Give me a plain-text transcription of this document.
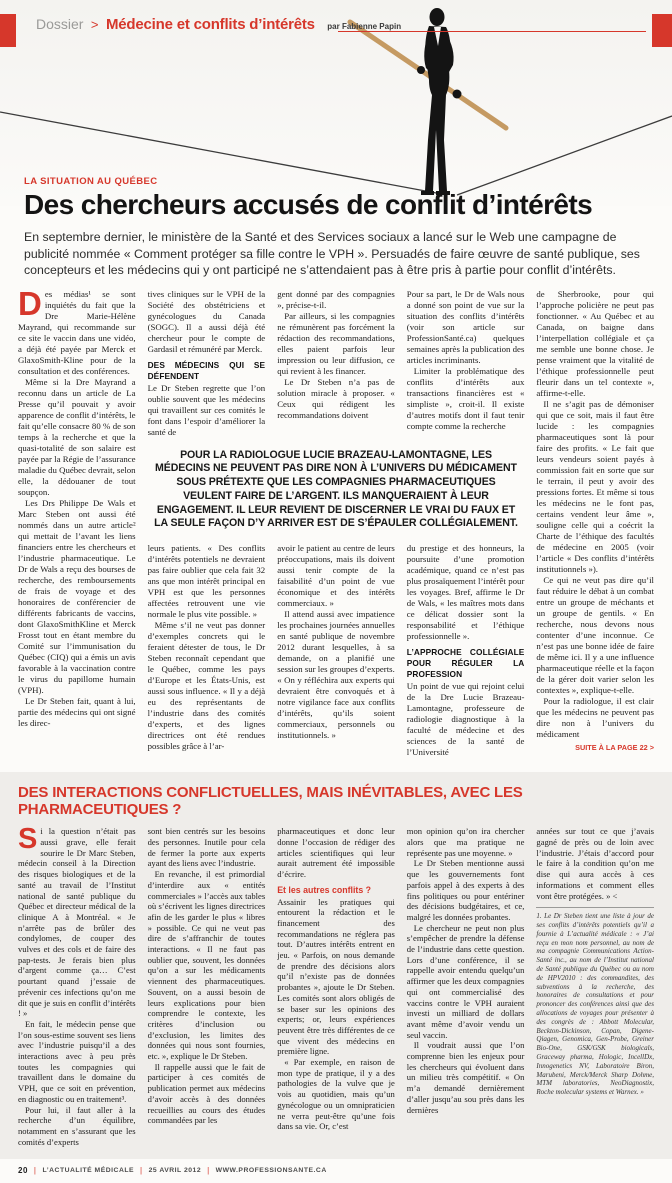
Dossier > Médecine et conflits d’intérêts par Fabienne Papin
LA SITUATION AU QUÉBEC
Des chercheurs accusés de conflit d’intérêts

En septembre dernier, le ministère de la Santé et des Services sociaux a lancé sur le Web une campagne de publicité nommée « Comment protéger sa fille contre le VPH ». Persuadés de faire œuvre de santé publique, ses concepteurs et les médecins qui y ont participé ne s’attendaient pas à être pris à partie pour conflit d’intérêts.

Des médias¹ se sont inquiétés du fait que la Dre Marie-Hélène Mayrand, qui recommande sur ce site le vaccin dans une vidéo, a déjà été payée par Merck et GlaxoSmith-Kline pour de la consultation et des conférences.

Même si la Dre Mayrand a reconnu dans un article de La Presse qu’il pouvait y avoir apparence de conflit d’intérêts, le fait qu’elle consacre 80 % de son temps à la recherche et que la quasi-totalité de son salaire est payée par la Régie de l’assurance maladie du Québec devrait, selon elle, la dédouaner de tout soupçon.

Les Drs Philippe De Wals et Marc Steben ont aussi été nommés dans un autre article² qui mettait de l’avant les liens financiers entre les chercheurs et l’industrie pharmaceutique. Le Dr de Wals a reçu des bourses de recherche, des remboursements de frais de voyage et des honoraires de conférencier de différents fabricants de vaccins, dont GlaxoSmithKline et Merck Frosst tout en étant membre du Comité sur l’immunisation du Québec (CIQ) qui a émis un avis favorable à la vaccination contre le virus du papillome humain (VPH).

Le Dr Steben fait, quant à lui, partie des médecins qui ont signé les direc-

tives cliniques sur le VPH de la Société des obstétriciens et gynécologues du Canada (SOGC). Il a aussi déjà été chercheur pour le compte de Gardasil et rémunéré par Merck.

DES MÉDECINS QUI SE DÉFENDENT

Le Dr Steben regrette que l’on oublie souvent que les médecins qui travaillent sur ces comités le font dans l’espoir d’améliorer la santé de

gent donné par des compagnies », précise-t-il.

Par ailleurs, si les compagnies ne rémunèrent pas forcément la rédaction des recommandations, elles paient parfois leur impression ou leur diffusion, ce qui revient à les financer.

Le Dr Steben n’a pas de solution miracle à proposer. « Ceux qui rédigent les recommandations doivent

Pour sa part, le Dr de Wals nous a donné son point de vue sur la situation des conflits d’intérêts (voir son article sur ProfessionSanté.ca) quelques semaines après la publication des articles incriminants.

Limiter la problématique des conflits d’intérêts aux transactions financières est « simpliste », croit-il. Il existe d’autres motifs dont il faut tenir compte comme la recherche

POUR LA RADIOLOGUE LUCIE BRAZEAU-LAMONTAGNE, LES MÉDECINS NE PEUVENT PAS DIRE NON À L’UNIVERS DU MÉDICAMENT SOUS PRÉTEXTE QUE LES COMPAGNIES PHARMACEUTIQUES VEULENT FAIRE DE L’ARGENT. ILS MANQUERAIENT À LEUR ENGAGEMENT. IL LEUR REVIENT DE DISCERNER LE VRAI DU FAUX ET LA SEULE FAÇON D’Y ARRIVER EST DE S’ÉPAULER COLLÉGIALEMENT.

leurs patients. « Des conflits d’intérêts potentiels ne devraient pas faire oublier que cela fait 32 ans que mon intérêt principal en VPH est que les personnes affectées retrouvent une vie normale le plus vite possible. »

Même s’il ne veut pas donner d’exemples concrets qui le feraient détester de tous, le Dr Steben reconnaît cependant que le Québec, comme les pays d’Europe et les États-Unis, est aussi sous influence. « Il y a déjà eu des représentants de l’industrie dans des comités d’experts, et des lignes directrices ont été rendues possibles grâce à l’ar-

avoir le patient au centre de leurs préoccupations, mais ils doivent aussi tenir compte de la faisabilité d’un point de vue économique et des intérêts commerciaux. »

Il attend aussi avec impatience les prochaines journées annuelles en santé publique de novembre 2012 durant lesquelles, à sa demande, on a planifié une session sur les groupes d’experts. « On y réfléchira aux experts qui devraient être convoqués et à notre vigilance face aux conflits d’intérêts, qu’ils soient commerciaux, personnels ou institutionnels. »

du prestige et des honneurs, la poursuite d’une promotion académique, quand ce n’est pas plus prosaïquement l’intérêt pour les voyages. Bref, affirme le Dr de Wals, « les maîtres mots dans ce délicat dossier sont la responsabilité et l’éthique professionnelle ».

L’APPROCHE COLLÉGIALE POUR RÉGULER LA PROFESSION

Un point de vue qui rejoint celui de la Dre Lucie Brazeau-Lamontagne, professeure de radiologie diagnostique à la faculté de médecine et des sciences de la santé de l’Université

de Sherbrooke, pour qui l’approche policière ne peut pas fonctionner. « Au Québec et au Canada, on baigne dans l’interpellation collégiale et ça me semble une bonne chose. Je pense vraiment que la vitalité de l’éthique professionnelle peut fleurir dans un tel contexte », affirme-t-elle.

Il ne s’agit pas de démoniser qui que ce soit, mais il faut être lucide : les compagnies pharmaceutiques sont là pour faire des profits. « Le fait que leurs vendeurs soient payés à commission fait en sorte que sur le terrain, il peut y avoir des pressions fortes. Et même si tous les médecins ne le font pas, certains vendent leur âme », souligne celle qui a coécrit la Charte de l’éthique des facultés de médecine en 2005 (voir l’article « Des conflits d’intérêts institutionnels »).

Ce qui ne veut pas dire qu’il faut réduire le débat à un combat entre un groupe de méchants et un groupe de gentils. « En recherche, nous devons nous contenter d’une inconnue. Ce n’est pas une bonne idée de faire de même ici. Il y a une influence pharmaceutique réelle et la façon de la gérer doit varier selon les contextes », explique-t-elle.

Pour la radiologue, il est clair que les médecins ne peuvent pas dire non à l’univers du médicament

SUITE À LA PAGE 22 >

DES INTERACTIONS CONFLICTUELLES, MAIS INÉVITABLES, AVEC LES PHARMACEUTIQUES ?

Si la question n’était pas aussi grave, elle ferait sourire le Dr Marc Steben, médecin conseil à la Direction des risques biologiques et de la santé au travail de l’Institut national de santé publique du Québec et directeur médical de la clinique A à Montréal. « Je n’arrête pas de brûler des condylomes, de couper des vulves et des cols et de faire des pap-tests. Je ferais bien plus d’argent comme ça… C’est pourtant quand j’essaie de prévenir ces infections qu’on me dit que je suis en conflit d’intérêts ! »

En fait, le médecin pense que l’on sous-estime souvent ses liens avec l’industrie puisqu’il a des interactions avec à peu près toutes les compagnies qui travaillent dans le domaine du VPH, que ce soit en prévention, en diagnostic ou en traitement³.

Pour lui, il faut aller à la recherche d’un équilibre, notamment en s’assurant que les comités d’experts

sont bien centrés sur les besoins des personnes. Inutile pour cela de fermer la porte aux experts ayant des liens avec l’industrie.

En revanche, il est primordial d’interdire aux « entités commerciales » l’accès aux tables où s’écrivent les lignes directrices afin de les garder le plus « libres » possible. Ce qui ne veut pas dire de s’affranchir de toutes interactions. « Il ne faut pas oublier que, souvent, les données qu’on a sur les médicaments viennent des pharmaceutiques. Souvent, on a aussi besoin de leurs explications pour bien comprendre le contexte, les critères d’inclusion ou d’exclusion, les limites des données qui nous sont fournies, etc. », explique le Dr Steben.

Il rappelle aussi que le fait de participer à ces comités de publication permet aux médecins d’avoir accès à des données recueillies au cours des études commandées par les

pharmaceutiques et donc leur donne l’occasion de rédiger des articles scientifiques qui leur aurait autrement été impossible d’écrire.

Et les autres conflits ?

Assainir les pratiques qui entourent la rédaction et le financement des recommandations ne réglera pas tout. D’autres intérêts entrent en jeu. « Parfois, on nous demande de prendre des décisions alors qu’il n’existe pas de données probantes », ajoute le Dr Steben. Les comités sont alors obligés de se baser sur les opinions des experts; or, leurs expériences peuvent être très différentes de ce que vivent des médecins en première ligne.

« Par exemple, en raison de mon type de pratique, il y a des pathologies de la vulve que je vois au quotidien, mais qu’un gynécologue ou un omnipraticien ne verra peut-être qu’une fois dans sa vie. Or, c’est

mon opinion qu’on ira chercher alors que ma pratique ne représente pas une moyenne. »

Le Dr Steben mentionne aussi que les gouvernements font parfois appel à des experts à des fins politiques ou pour entériner des décisions budgétaires, et ce, malgré les données probantes.

Le chercheur ne peut non plus s’empêcher de prendre la défense de l’industrie dans cette question. Lors d’une conférence, il se rappelle avoir entendu quelqu’un affirmer que les deux compagnies qui ont commercialisé des vaccins contre le VPH auraient investi un milliard de dollars avant même d’avoir vendu un seul vaccin.

Il voudrait aussi que l’on comprenne bien les enjeux pour les chercheurs qui évoluent dans un milieu très compétitif. « On m’a demandé dernièrement d’aller jusqu’au sou près dans les dernières

années sur tout ce que j’avais gagné de près ou de loin avec l’industrie. J’étais d’accord pour le faire à la condition qu’on me dise qui aura accès à ces informations et comment elles vont être protégées. » <

1. Le Dr Steben tient une liste à jour de ses conflits d’intérêts potentiels qu’il a fournie à L’actualité médicale : « J’ai reçu en mon nom personnel, au nom de ma compagnie Communications Action-Santé inc., au nom de l’Institut national de Santé publique du Québec ou au nom de HPV2010 : des commandites, des subventions à la recherche, des honoraires de consultations et pour prononcer des conférences ainsi que des allocations de voyages pour présenter à des congrès de : Abbott Molecular, Beckton-Dickinson, Copan, Digene-Qiagen, Genomica, Gen-Probe, Greiner Bio-One, GSK/GSK biologicals, Graceway pharma, Hologic, IncellDx, Innogenetics NV, Laboratoire Biron, Marubeni, Merck/Merck Sharp Dohme, MTM laboratories, NeoDiagnostix, Roche molecular systems et Warnex. »

20 | L’ACTUALITÉ MÉDICALE | 25 AVRIL 2012 | WWW.PROFESSIONSANTE.CA
